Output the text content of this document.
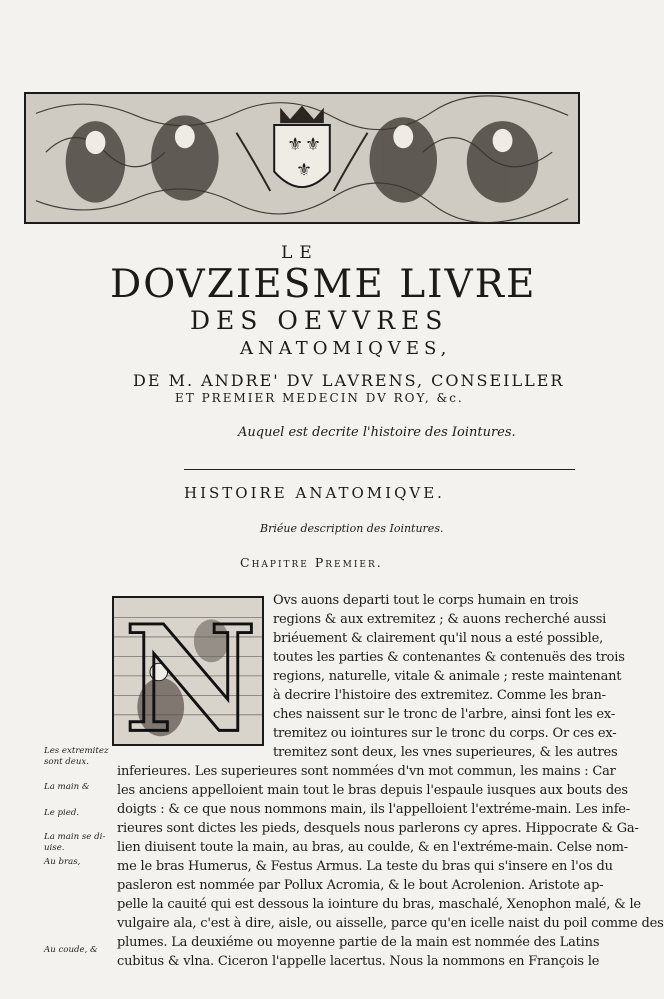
⚜ ⚜
⚜
LE
DOVZIESME LIVRE
DES OEVVRES
ANATOMIQVES,
DE M. ANDRE' DV LAVRENS, CONSEILLER
ET PREMIER MEDECIN DV ROY, &c.
Auquel est decrite l'histoire des Iointures.
HISTOIRE ANATOMIQVE.
Briéue description des Iointures.
Chapitre Premier.
N Ovs auons departi tout le corps humain en trois
regions & aux extremitez ; & auons recherché aussi
briéuement & clairement qu'il nous a esté possible,
toutes les parties & contenantes & contenuës des trois
regions, naturelle, vitale & animale ; reste maintenant
à decrire l'histoire des extremitez. Comme les bran-
ches naissent sur le tronc de l'arbre, ainsi font les ex-
tremitez ou iointures sur le tronc du corps. Or ces ex-
tremitez sont deux, les vnes superieures, & les autres
inferieures. Les superieures sont nommées d'vn mot commun, les mains : Car
les anciens appelloient main tout le bras depuis l'espaule iusques aux bouts des
doigts : & ce que nous nommons main, ils l'appelloient l'extréme-main. Les infe-
rieures sont dictes les pieds, desquels nous parlerons cy apres. Hippocrate & Ga-
lien diuisent toute la main, au bras, au coulde, & en l'extréme-main. Celse nom-
me le bras Humerus, & Festus Armus. La teste du bras qui s'insere en l'os du
pasleron est nommée par Pollux Acromia, & le bout Acrolenion. Aristote ap-
pelle la cauité qui est dessous la iointure du bras, maschalé, Xenophon malé, & le
vulgaire ala, c'est à dire, aisle, ou aisselle, parce qu'en icelle naist du poil comme des
plumes. La deuxiéme ou moyenne partie de la main est nommée des Latins
cubitus & vlna. Ciceron l'appelle lacertus. Nous la nommons en François le
Les extremitez
sont deux.
La main &
Le pied.
La main se di-
uise.
Au bras,
Au coude, &
